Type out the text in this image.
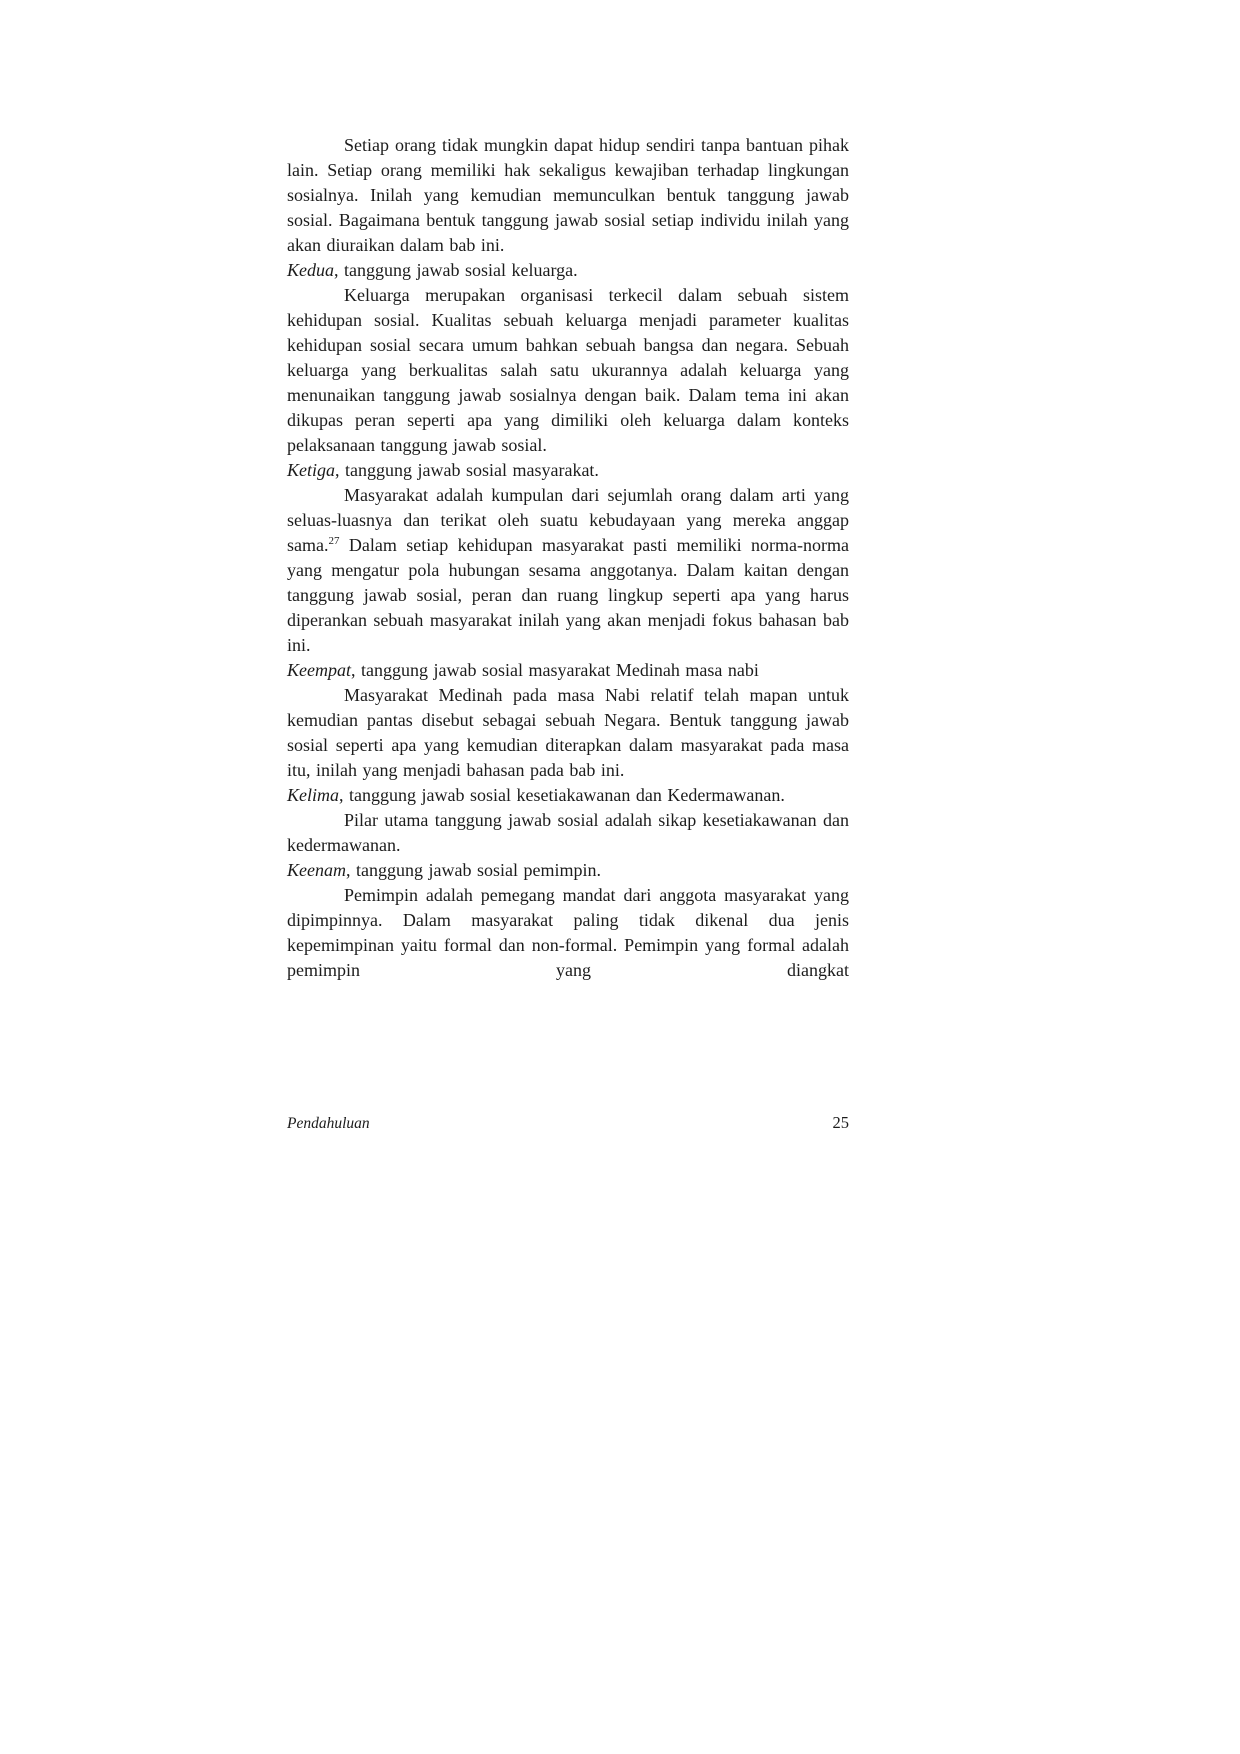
Setiap orang tidak mungkin dapat hidup sendiri tanpa bantuan pihak lain. Setiap orang memiliki hak sekaligus kewajiban terhadap lingkungan sosialnya. Inilah yang kemudian memunculkan bentuk tanggung jawab sosial. Bagaimana bentuk tanggung jawab sosial setiap individu inilah yang akan diuraikan dalam bab ini.

Kedua, tanggung jawab sosial keluarga.

Keluarga merupakan organisasi terkecil dalam sebuah sistem kehidupan sosial. Kualitas sebuah keluarga menjadi parameter kualitas kehidupan sosial secara umum bahkan sebuah bangsa dan negara. Sebuah keluarga yang berkualitas salah satu ukurannya adalah keluarga yang menunaikan tanggung jawab sosialnya dengan baik. Dalam tema ini akan dikupas peran seperti apa yang dimiliki oleh keluarga dalam konteks pelaksanaan tanggung jawab sosial.

Ketiga, tanggung jawab sosial masyarakat.

Masyarakat adalah kumpulan dari sejumlah orang dalam arti yang seluas-luasnya dan terikat oleh suatu kebudayaan yang mereka anggap sama.$^{27}$ Dalam setiap kehidupan masyarakat pasti memiliki norma-norma yang mengatur pola hubungan sesama anggotanya. Dalam kaitan dengan tanggung jawab sosial, peran dan ruang lingkup seperti apa yang harus diperankan sebuah masyarakat inilah yang akan menjadi fokus bahasan bab ini.

Keempat, tanggung jawab sosial masyarakat Medinah masa nabi

Masyarakat Medinah pada masa Nabi relatif telah mapan untuk kemudian pantas disebut sebagai sebuah Negara. Bentuk tanggung jawab sosial seperti apa yang kemudian diterapkan dalam masyarakat pada masa itu, inilah yang menjadi bahasan pada bab ini.

Kelima, tanggung jawab sosial kesetiakawanan dan Kedermawanan.

Pilar utama tanggung jawab sosial adalah sikap kesetiakawanan dan kedermawanan.

Keenam, tanggung jawab sosial pemimpin.

Pemimpin adalah pemegang mandat dari anggota masyarakat yang dipimpinnya. Dalam masyarakat paling tidak dikenal dua jenis kepemimpinan yaitu formal dan non-formal. Pemimpin yang formal adalah pemimpin yang diangkat

Pendahuluan	25
